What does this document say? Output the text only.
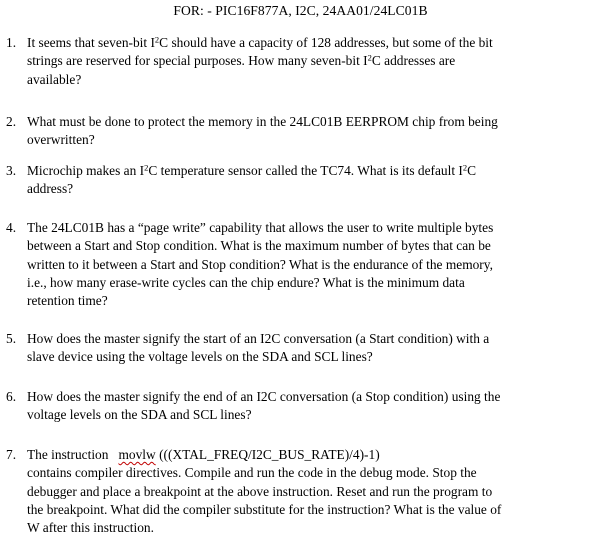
FOR: - PIC16F877A, I2C, 24AA01/24LC01B
1. It seems that seven-bit $I^2C$ should have a capacity of 128 addresses, but some of the bit
strings are reserved for special purposes. How many seven-bit $I^2C$ addresses are
available?
2. What must be done to protect the memory in the 24LC01B EERPROM chip from being
overwritten?
3. Microchip makes an $I^2C$ temperature sensor called the TC74. What is its default $I^2C$
address?
4. The 24LC01B has a “page write” capability that allows the user to write multiple bytes
between a Start and Stop condition. What is the maximum number of bytes that can be
written to it between a Start and Stop condition? What is the endurance of the memory,
i.e., how many erase-write cycles can the chip endure? What is the minimum data
retention time?
5. How does the master signify the start of an I2C conversation (a Start condition) with a
slave device using the voltage levels on the SDA and SCL lines?
6. How does the master signify the end of an I2C conversation (a Stop condition) using the
voltage levels on the SDA and SCL lines?
7. The instruction movlw (((XTAL_FREQ/I2C_BUS_RATE)/4)-1)
contains compiler directives. Compile and run the code in the debug mode. Stop the
debugger and place a breakpoint at the above instruction. Reset and run the program to
the breakpoint. What did the compiler substitute for the instruction? What is the value of
W after this instruction.
